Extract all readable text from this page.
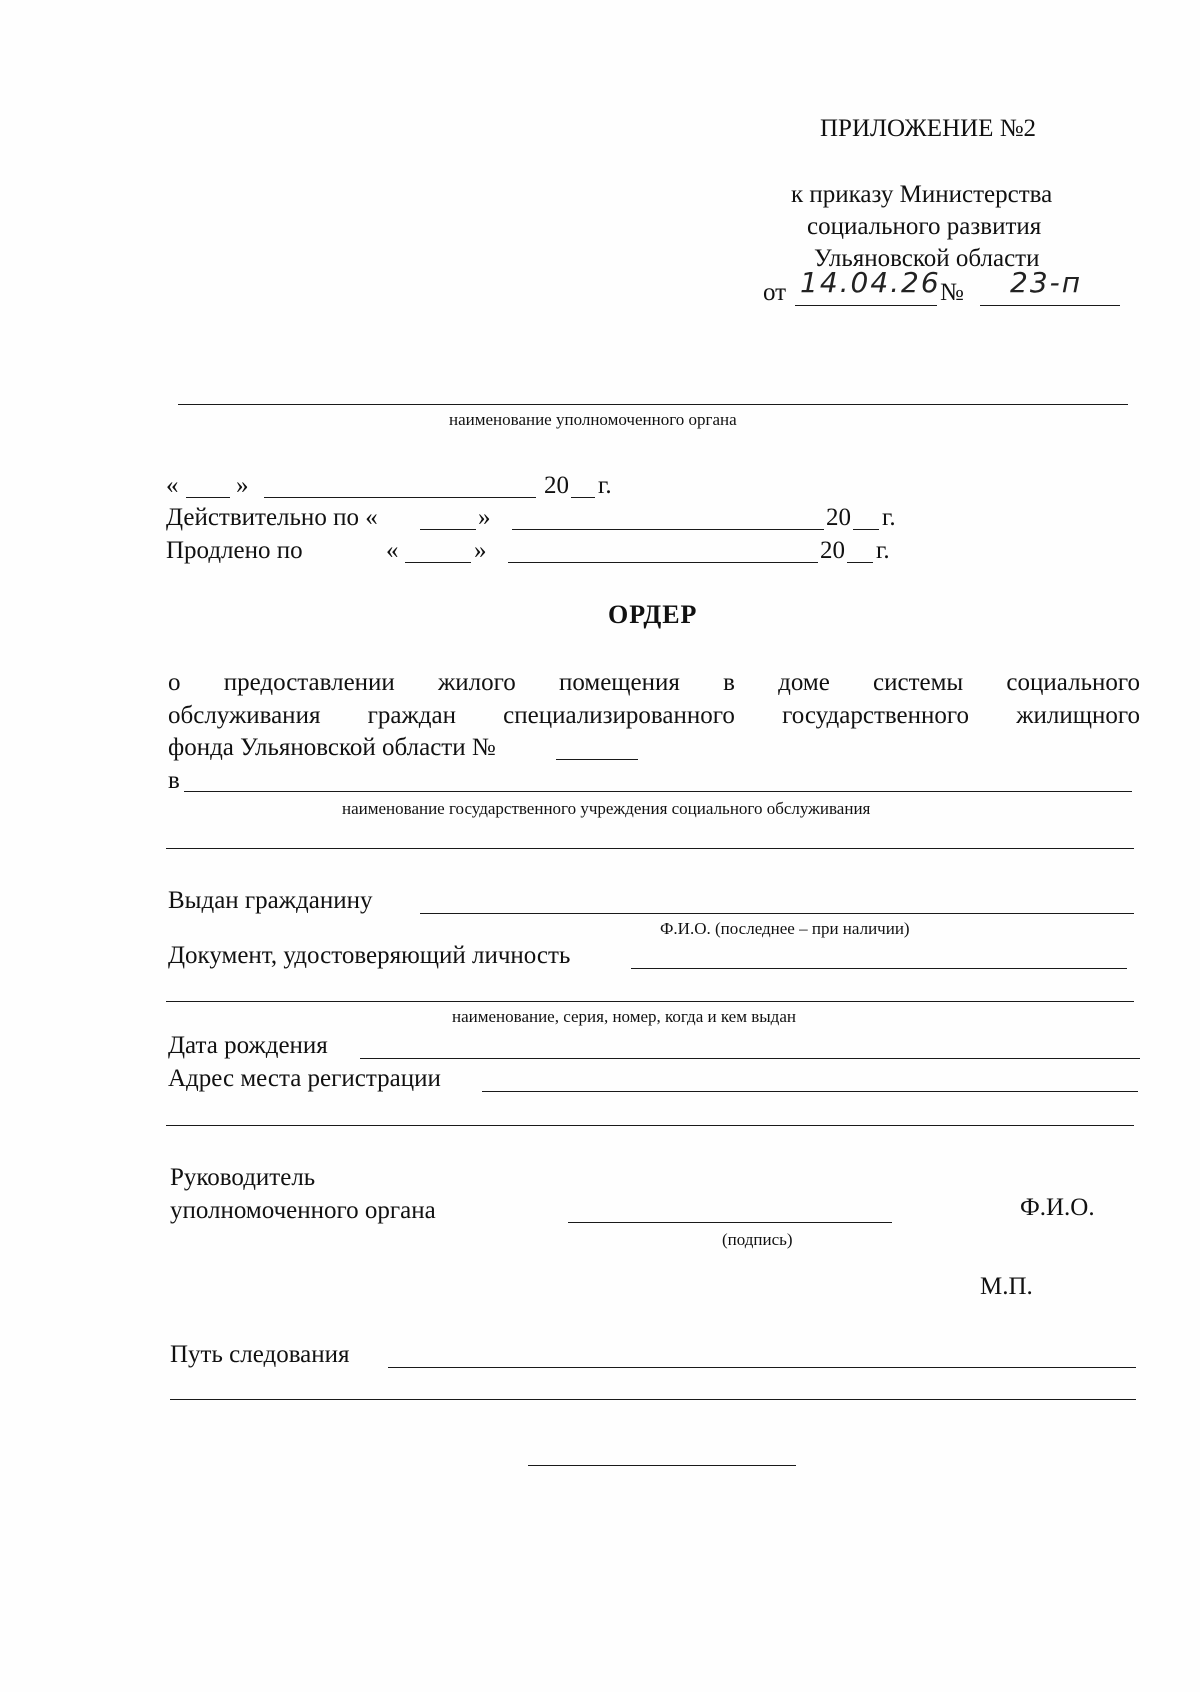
ПРИЛОЖЕНИЕ №2
к приказу Министерства
социального развития
Ульяновской области
от 14.04.26 № 23-п
наименование уполномоченного органа
« »	20 г.
Действительно по «	»	20 г.
Продлено по	«	»	20 г.
ОРДЕР
о предоставлении жилого помещения в доме системы социального
обслуживания граждан специализированного государственного жилищного
фонда Ульяновской области №
в
наименование государственного учреждения социального обслуживания
Выдан гражданину
Ф.И.О. (последнее – при наличии)
Документ, удостоверяющий личность
наименование, серия, номер, когда и кем выдан
Дата рождения
Адрес места регистрации
Руководитель
уполномоченного органа
(подпись)
Ф.И.О.
М.П.
Путь следования
